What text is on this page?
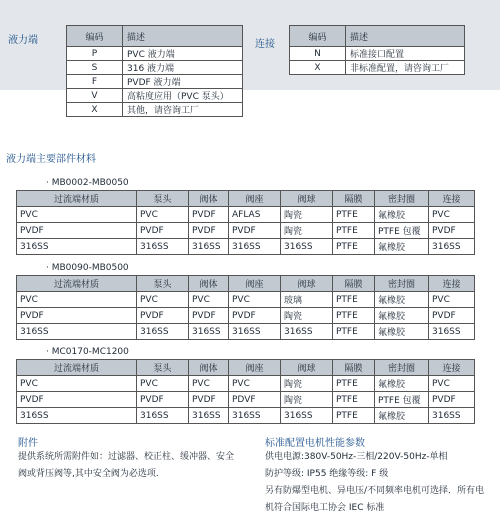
液力端	编码	描述
P	PVC 液力端
S	316 液力端
F	PVDF 液力端
V	高粘度应用（PVC 泵头）
X	其他，请咨询工厂
连接
编码	描述
N	标准接口配置
X	非标准配置，请咨询工厂
液力端主要部件材料
· MB0002-MB0050
过流端材质	泵头	阀体	阀座	阀球	隔膜	密封圈	连接
PVC	PVC	PVDF	AFLAS	陶瓷	PTFE	氟橡胶	PVC
PVDF	PVDF	PVDF	PVDF	陶瓷	PTFE	PTFE 包覆	PVDF
316SS	316SS	316SS	316SS	316SS	PTFE	氟橡胶	316SS
· MB0090-MB0500
过流端材质	泵头	阀体	阀座	阀球	隔膜	密封圈	连接
PVC	PVC	PVC	PVC	玻璃	PTFE	氟橡胶	PVC
PVDF	PVDF	PVDF	PVDF	陶瓷	PTFE	氟橡胶	PVDF
316SS	316SS	316SS	316SS	316SS	PTFE	氟橡胶	316SS
· MC0170-MC1200
过流端材质	泵头	阀体	阀座	阀球	隔膜	密封圈	连接
PVC	PVC	PVC	PVC	陶瓷	PTFE	氟橡胶	PVC
PVDF	PVDF	PVDF	PDVF	陶瓷	PTFE	PTFE 包覆	PVDF
316SS	316SS	316SS	316SS	316SS	PTFE	氟橡胶	316SS
附件
提供系统所需附件如：过滤器、校正柱、缓冲器、安全
阀或背压阀等,其中安全阀为必选项.
标准配置电机性能参数
供电电源:380V-50Hz-三相/220V-50Hz-单相
防护等级: IP55 绝缘等级: F 级
另有防爆型电机、异电压/不同频率电机可选择．所有电
机符合国际电工协会 IEC 标准
